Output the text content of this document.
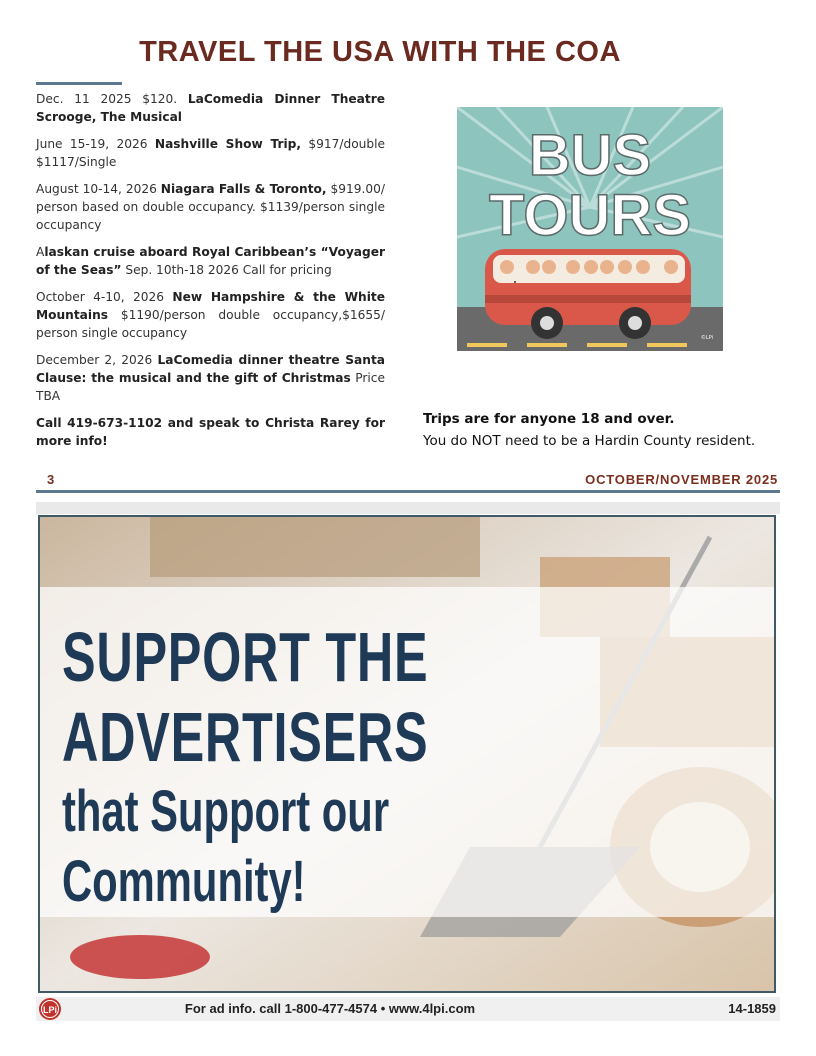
TRAVEL THE USA WITH THE COA

Dec. 11 2025 $120. LaComedia Dinner Theatre Scrooge, The Musical

June 15-19, 2026 Nashville Show Trip, $917/double $1117/Single

August 10-14, 2026 Niagara Falls & Toronto, $919.00/ person based on double occupancy. $1139/person single occupancy

Alaskan cruise aboard Royal Caribbean’s “Voyager of the Seas” Sep. 10th-18 2026 Call for pricing

October 4-10, 2026 New Hampshire & the White Mountains $1190/person double occupancy,$1655/ person single occupancy

December 2, 2026 LaComedia dinner theatre Santa Clause: the musical and the gift of Christmas Price TBA

Call 419-673-1102 and speak to Christa Rarey for more info!

BUS
TOURS
©LPi
Trips are for anyone 18 and over.
You do NOT need to be a Hardin County resident.
3	OCTOBER/NOVEMBER 2025
SUPPORT THE
ADVERTISERS
that Support our
Community!
LPi	For ad info. call 1-800-477-4574 • www.4lpi.com	14-1859
